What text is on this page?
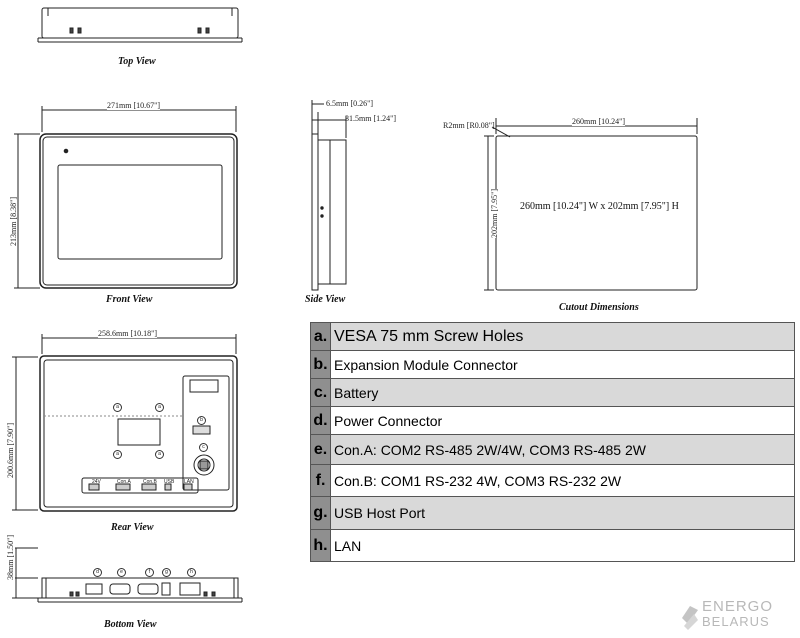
Top View
Front View	Side View
Cutout Dimensions
Rear View
Bottom View
271mm [10.67"]
213mm [8.38"]
6.5mm [0.26"]
31.5mm [1.24"]
R2mm [R0.08"]	260mm [10.24"]
202mm [7.95"] 260mm [10.24"] W x 202mm [7.95"] H
258.6mm [10.18"]
200.6mm [7.90"]
38mm [1.50"]
24V	Con.A Con.B USB LAN
a	a
a	a
b
c
d	e	f	g	h
a. VESA 75 mm Screw Holes
b. Expansion Module Connector
c. Battery
d. Power Connector
e. Con.A: COM2 RS-485 2W/4W, COM3 RS-485 2W
f. Con.B: COM1 RS-232 4W, COM3 RS-232 2W
g. USB Host Port
h. LAN
ENERGO
BELARUS
